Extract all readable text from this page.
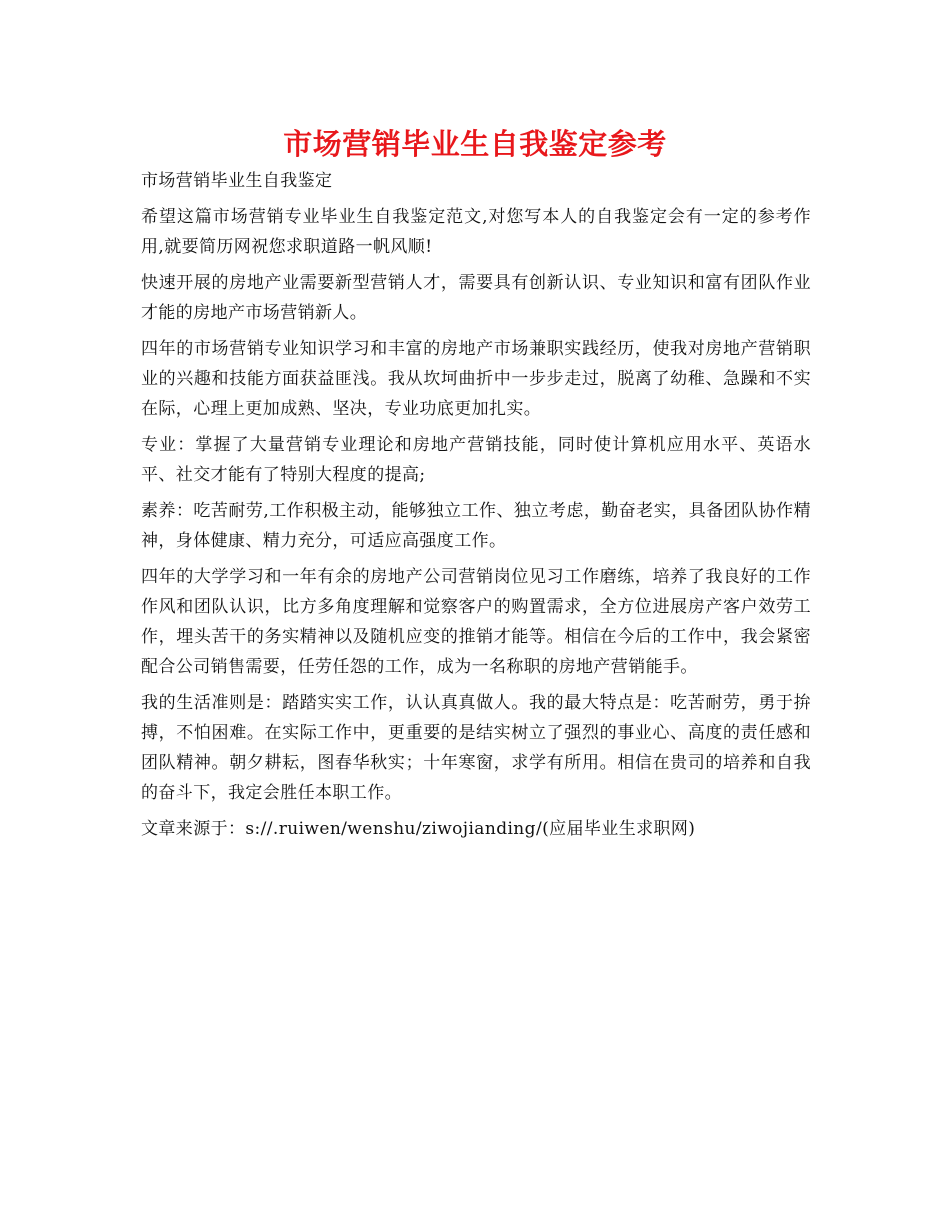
市场营销毕业生自我鉴定参考

市场营销毕业生自我鉴定

希望这篇市场营销专业毕业生自我鉴定范文,对您写本人的自我鉴定会有一定的参考作用,就要简历网祝您求职道路一帆风顺!

快速开展的房地产业需要新型营销人才，需要具有创新认识、专业知识和富有团队作业才能的房地产市场营销新人。

四年的市场营销专业知识学习和丰富的房地产市场兼职实践经历，使我对房地产营销职业的兴趣和技能方面获益匪浅。我从坎坷曲折中一步步走过，脱离了幼稚、急躁和不实在际，心理上更加成熟、坚决，专业功底更加扎实。

专业：掌握了大量营销专业理论和房地产营销技能，同时使计算机应用水平、英语水平、社交才能有了特别大程度的提高;

素养：吃苦耐劳,工作积极主动，能够独立工作、独立考虑，勤奋老实，具备团队协作精神，身体健康、精力充分，可适应高强度工作。

四年的大学学习和一年有余的房地产公司营销岗位见习工作磨练，培养了我良好的工作作风和团队认识，比方多角度理解和觉察客户的购置需求，全方位进展房产客户效劳工作，埋头苦干的务实精神以及随机应变的推销才能等。相信在今后的工作中，我会紧密配合公司销售需要，任劳任怨的工作，成为一名称职的房地产营销能手。

我的生活准则是：踏踏实实工作，认认真真做人。我的最大特点是：吃苦耐劳，勇于拚搏，不怕困难。在实际工作中，更重要的是结实树立了强烈的事业心、高度的责任感和团队精神。朝夕耕耘，图春华秋实；十年寒窗，求学有所用。相信在贵司的培养和自我的奋斗下，我定会胜任本职工作。

文章来源于：s://.ruiwen/wenshu/ziwojianding/(应届毕业生求职网)
